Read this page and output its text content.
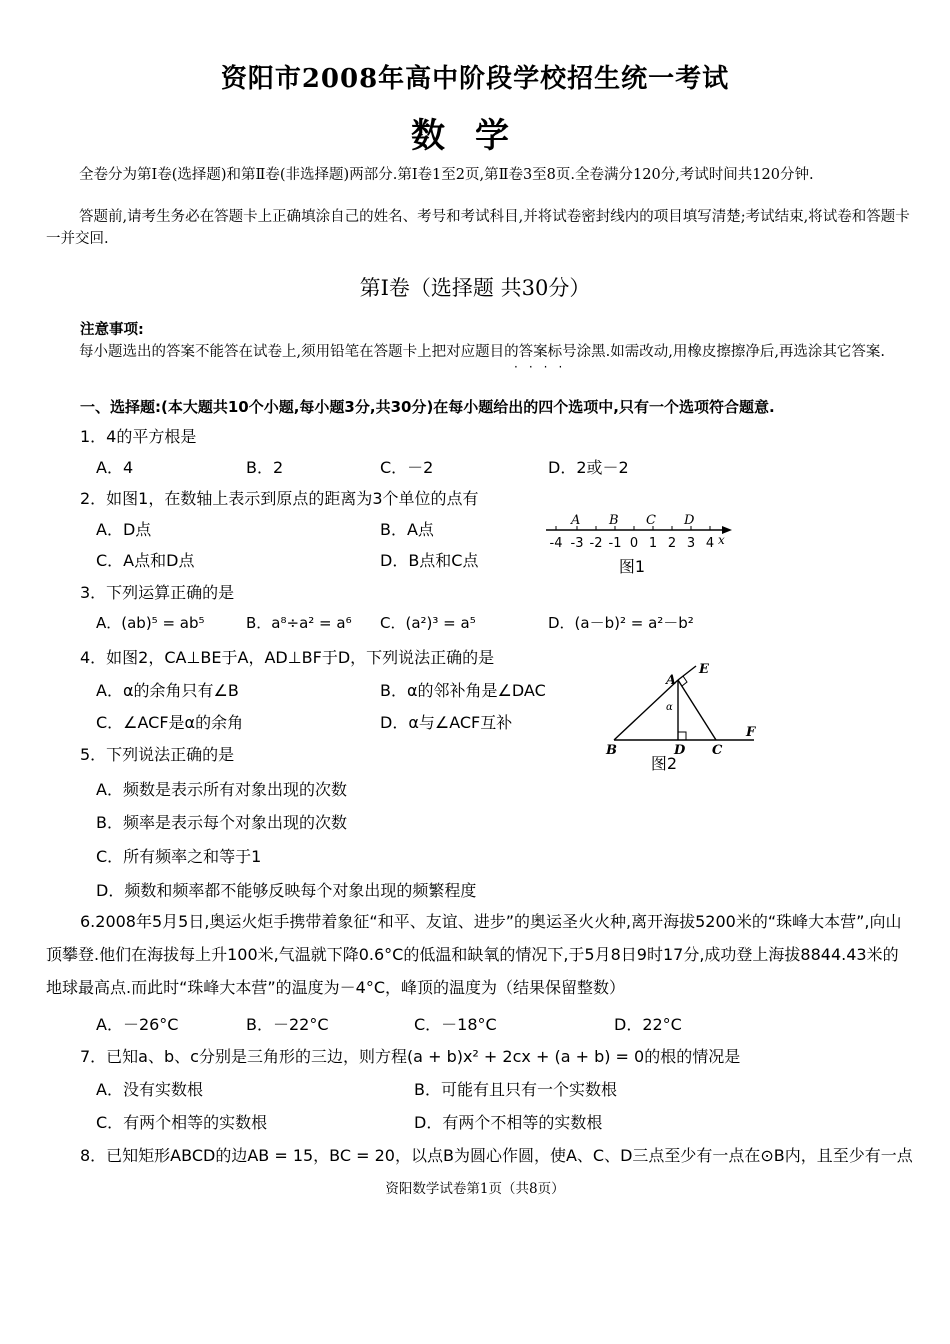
资阳市2008年高中阶段学校招生统一考试
数学
全卷分为第Ⅰ卷(选择题)和第Ⅱ卷(非选择题)两部分.第Ⅰ卷1至2页,第Ⅱ卷3至8页.全卷满分120分,考试时间共120分钟.
答题前,请考生务必在答题卡上正确填涂自己的姓名、考号和考试科目,并将试卷密封线内的项目填写清楚;考试结束,将试卷和答题卡一并交回.
第Ⅰ卷（选择题 共30分）
注意事项:
每小题选出的答案不能答在试卷上,须用铅笔在答题卡上把对应题目的答案标号涂黑.如需改动,用橡皮擦擦净后,再选涂其它答案.
····
一、选择题:(本大题共10个小题,每小题3分,共30分)在每小题给出的四个选项中,只有一个选项符合题意.
1．4的平方根是
A．4	B．2	C．－2	D．2或－2
2．如图1，在数轴上表示到原点的距离为3个单位的点有
A．D点	B．A点
C．A点和D点	D．B点和C点
A B C D
x
-4 -3 -2 -1 0 1 2 3 4
图1
3．下列运算正确的是
A．(ab)⁵ = ab⁵	B．a⁸÷a² = a⁶ C．(a²)³ = a⁵	D．(a－b)² = a²－b²
4．如图2，CA⊥BE于A，AD⊥BF于D，下列说法正确的是
A．α的余角只有∠B	B．α的邻补角是∠DAC
C．∠ACF是α的余角	D．α与∠ACF互补
A
E
B	D C
F
α
图2
5．下列说法正确的是
A．频数是表示所有对象出现的次数
B．频率是表示每个对象出现的次数
C．所有频率之和等于1
D．频数和频率都不能够反映每个对象出现的频繁程度
6.2008年5月5日,奥运火炬手携带着象征“和平、友谊、进步”的奥运圣火火种,离开海拔5200米的“珠峰大本营”,向山顶攀登.他们在海拔每上升100米,气温就下降0.6°C的低温和缺氧的情况下,于5月8日9时17分,成功登上海拔8844.43米的地球最高点.而此时“珠峰大本营”的温度为－4°C，峰顶的温度为（结果保留整数）
A．－26°C	B．－22°C	C．－18°C	D．22°C
7．已知a、b、c分别是三角形的三边，则方程(a + b)x² + 2cx + (a + b) = 0的根的情况是
A．没有实数根	B．可能有且只有一个实数根
C．有两个相等的实数根	D．有两个不相等的实数根
8．已知矩形ABCD的边AB = 15，BC = 20，以点B为圆心作圆，使A、C、D三点至少有一点在⊙B内，且至少有一点
资阳数学试卷第1页（共8页）
